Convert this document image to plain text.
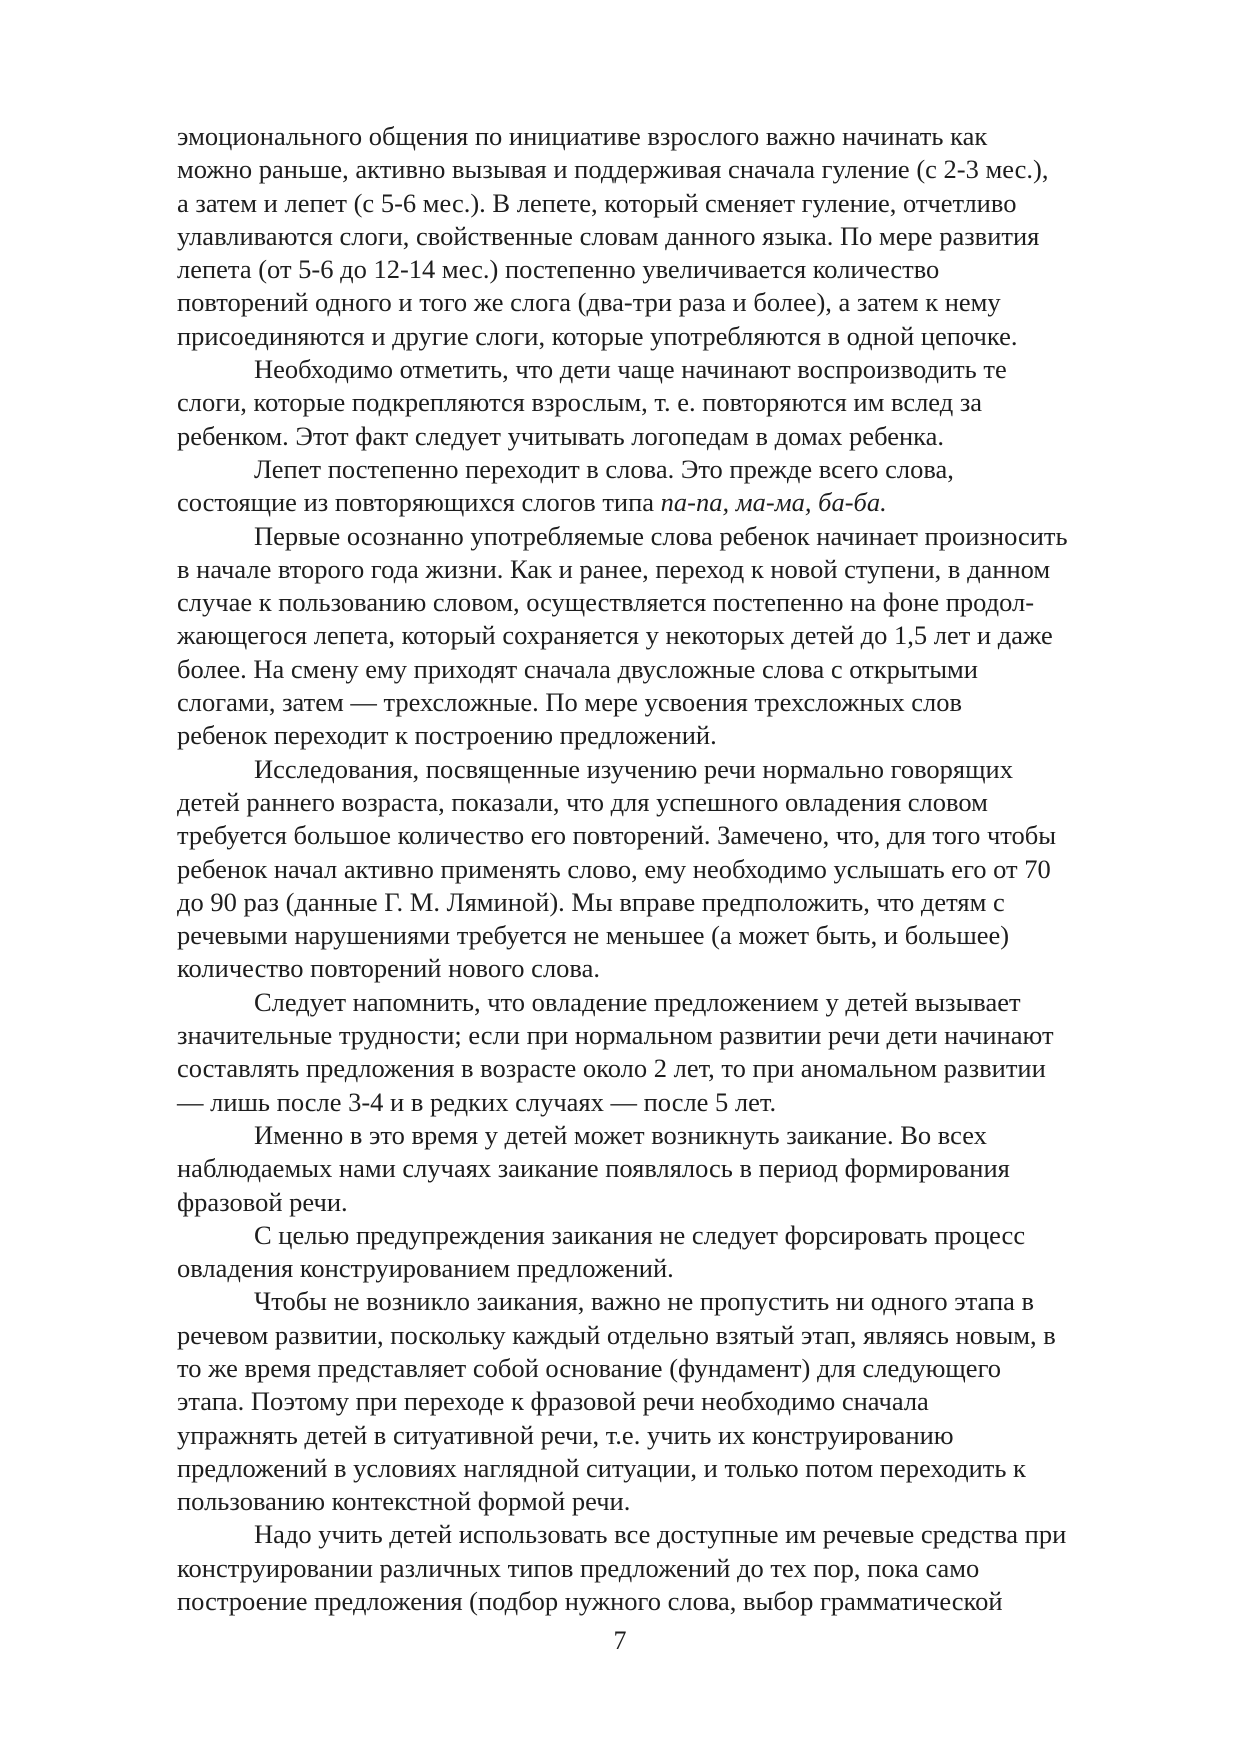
эмоционального общения по инициативе взрослого важно начинать как
можно раньше, активно вызывая и поддерживая сначала гуление (с 2-3 мес.),
а затем и лепет (с 5-6 мес.). В лепете, который сменяет гуление, отчетливо
улавливаются слоги, свойственные словам данного языка. По мере развития
лепета (от 5-6 до 12-14 мес.) постепенно увеличивается количество
повторений одного и того же слога (два-три раза и более), а затем к нему
присоединяются и другие слоги, которые употребляются в одной цепочке.
Необходимо отметить, что дети чаще начинают воспроизводить те
слоги, которые подкрепляются взрослым, т. е. повторяются им вслед за
ребенком. Этот факт следует учитывать логопедам в домах ребенка.
Лепет постепенно переходит в слова. Это прежде всего слова,
состоящие из повторяющихся слогов типа па-па, ма-ма, ба-ба.
Первые осознанно употребляемые слова ребенок начинает произносить
в начале второго года жизни. Как и ранее, переход к новой ступени, в данном
случае к пользованию словом, осуществляется постепенно на фоне продол-
жающегося лепета, который сохраняется у некоторых детей до 1,5 лет и даже
более. На смену ему приходят сначала двусложные слова с открытыми
слогами, затем — трехсложные. По мере усвоения трехсложных слов
ребенок переходит к построению предложений.
Исследования, посвященные изучению речи нормально говорящих
детей раннего возраста, показали, что для успешного овладения словом
требуется большое количество его повторений. Замечено, что, для того чтобы
ребенок начал активно применять слово, ему необходимо услышать его от 70
до 90 раз (данные Г. М. Ляминой). Мы вправе предположить, что детям с
речевыми нарушениями требуется не меньшее (а может быть, и большее)
количество повторений нового слова.
Следует напомнить, что овладение предложением у детей вызывает
значительные трудности; если при нормальном развитии речи дети начинают
составлять предложения в возрасте около 2 лет, то при аномальном развитии
— лишь после 3-4 и в редких случаях — после 5 лет.
Именно в это время у детей может возникнуть заикание. Во всех
наблюдаемых нами случаях заикание появлялось в период формирования
фразовой речи.
С целью предупреждения заикания не следует форсировать процесс
овладения конструированием предложений.
Чтобы не возникло заикания, важно не пропустить ни одного этапа в
речевом развитии, поскольку каждый отдельно взятый этап, являясь новым, в
то же время представляет собой основание (фундамент) для следующего
этапа. Поэтому при переходе к фразовой речи необходимо сначала
упражнять детей в ситуативной речи, т.е. учить их конструированию
предложений в условиях наглядной ситуации, и только потом переходить к
пользованию контекстной формой речи.
Надо учить детей использовать все доступные им речевые средства при
конструировании различных типов предложений до тех пор, пока само
построение предложения (подбор нужного слова, выбор грамматической
7
